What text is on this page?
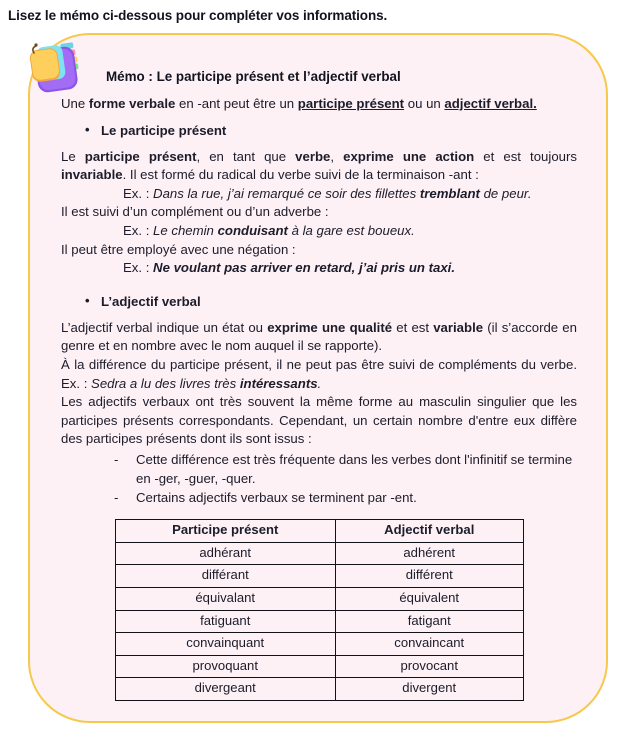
Lisez le mémo ci-dessous pour compléter vos informations.
Mémo : Le participe présent et l’adjectif verbal

Une forme verbale en -ant peut être un participe présent ou un adjectif verbal.

• Le participe présent

Le participe présent, en tant que verbe, exprime une action et est toujours invariable. Il est formé du radical du verbe suivi de la terminaison -ant :

Ex. : Dans la rue, j’ai remarqué ce soir des fillettes tremblant de peur.

Il est suivi d’un complément ou d’un adverbe :

Ex. : Le chemin conduisant à la gare est boueux.

Il peut être employé avec une négation :

Ex. : Ne voulant pas arriver en retard, j’ai pris un taxi.

• L’adjectif verbal

L’adjectif verbal indique un état ou exprime une qualité et est variable (il s’accorde en genre et en nombre avec le nom auquel il se rapporte).

À la différence du participe présent, il ne peut pas être suivi de compléments du verbe. Ex. : Sedra a lu des livres très intéressants.

Les adjectifs verbaux ont très souvent la même forme au masculin singulier que les participes présents correspondants. Cependant, un certain nombre d'entre eux diffère des participes présents dont ils sont issus :

- Cette différence est très fréquente dans les verbes dont l'infinitif se termine en -ger, -guer, -quer.
- Certains adjectifs verbaux se terminent par -ent.
Participe présent	Adjectif verbal
adhérant	adhérent
différant	différent
équivalant	équivalent
fatiguant	fatigant
convainquant	convaincant
provoquant	provocant
divergeant	divergent
